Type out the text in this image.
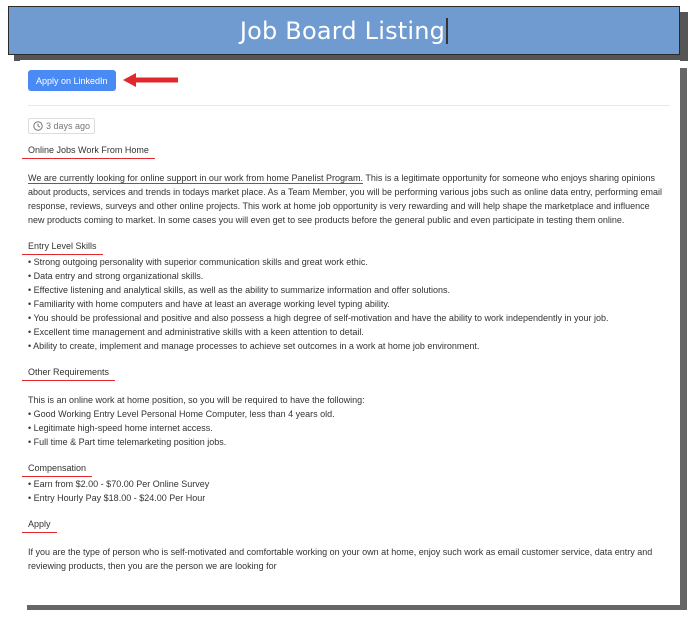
Job Board Listing
Apply on LinkedIn
3 days ago
Online Jobs Work From Home

We are currently looking for online support in our work from home Panelist Program. This is a legitimate opportunity for someone who enjoys sharing opinions about products, services and trends in todays market place. As a Team Member, you will be performing various jobs such as online data entry, performing email response, reviews, surveys and other online projects. This work at home job opportunity is very rewarding and will help shape the marketplace and influence new products coming to market. In some cases you will even get to see products before the general public and even participate in testing them online.

Entry Level Skills
• Strong outgoing personality with superior communication skills and great work ethic.
• Data entry and strong organizational skills.
• Effective listening and analytical skills, as well as the ability to summarize information and offer solutions.
• Familiarity with home computers and have at least an average working level typing ability.
• You should be professional and positive and also possess a high degree of self-motivation and have the ability to work independently in your job.
• Excellent time management and administrative skills with a keen attention to detail.
• Ability to create, implement and manage processes to achieve set outcomes in a work at home job environment.
Other Requirements

This is an online work at home position, so you will be required to have the following:

• Good Working Entry Level Personal Home Computer, less than 4 years old.
• Legitimate high-speed home internet access.
• Full time & Part time telemarketing position jobs.
Compensation
• Earn from $2.00 - $70.00 Per Online Survey
• Entry Hourly Pay $18.00 - $24.00 Per Hour
Apply

If you are the type of person who is self-motivated and comfortable working on your own at home, enjoy such work as email customer service, data entry and reviewing products, then you are the person we are looking for
